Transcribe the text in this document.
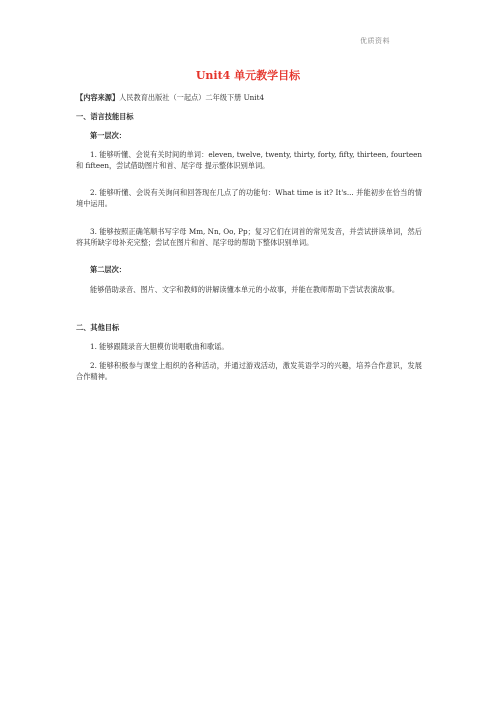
优质资料
Unit4 单元教学目标
【内容来源】人民教育出版社（一起点）二年级下册 Unit4
一、语言技能目标
第一层次：
1. 能够听懂、会说有关时间的单词：eleven, twelve, twenty, thirty, forty, fifty, thirteen, fourteen 和 fifteen，尝试借助图片和首、尾字母 提示整体识别单词。
2. 能够听懂、会说有关询问和回答现在几点了的功能句：What time is it? It's... 并能初步在恰当的情境中运用。
3. 能够按照正确笔顺书写字母 Mm, Nn, Oo, Pp；复习它们在词首的常见发音，并尝试拼读单词，然后将其所缺字母补充完整；尝试在图片和首、尾字母的帮助下整体识别单词。
第二层次：
能够借助录音、图片、文字和教师的讲解读懂本单元的小故事，并能在教师帮助下尝试表演故事。
二、其他目标
1. 能够跟随录音大胆模仿说唱歌曲和歌谣。
2. 能够积极参与课堂上组织的各种活动，并通过游戏活动，激发英语学习的兴趣，培养合作意识，发展合作精神。
